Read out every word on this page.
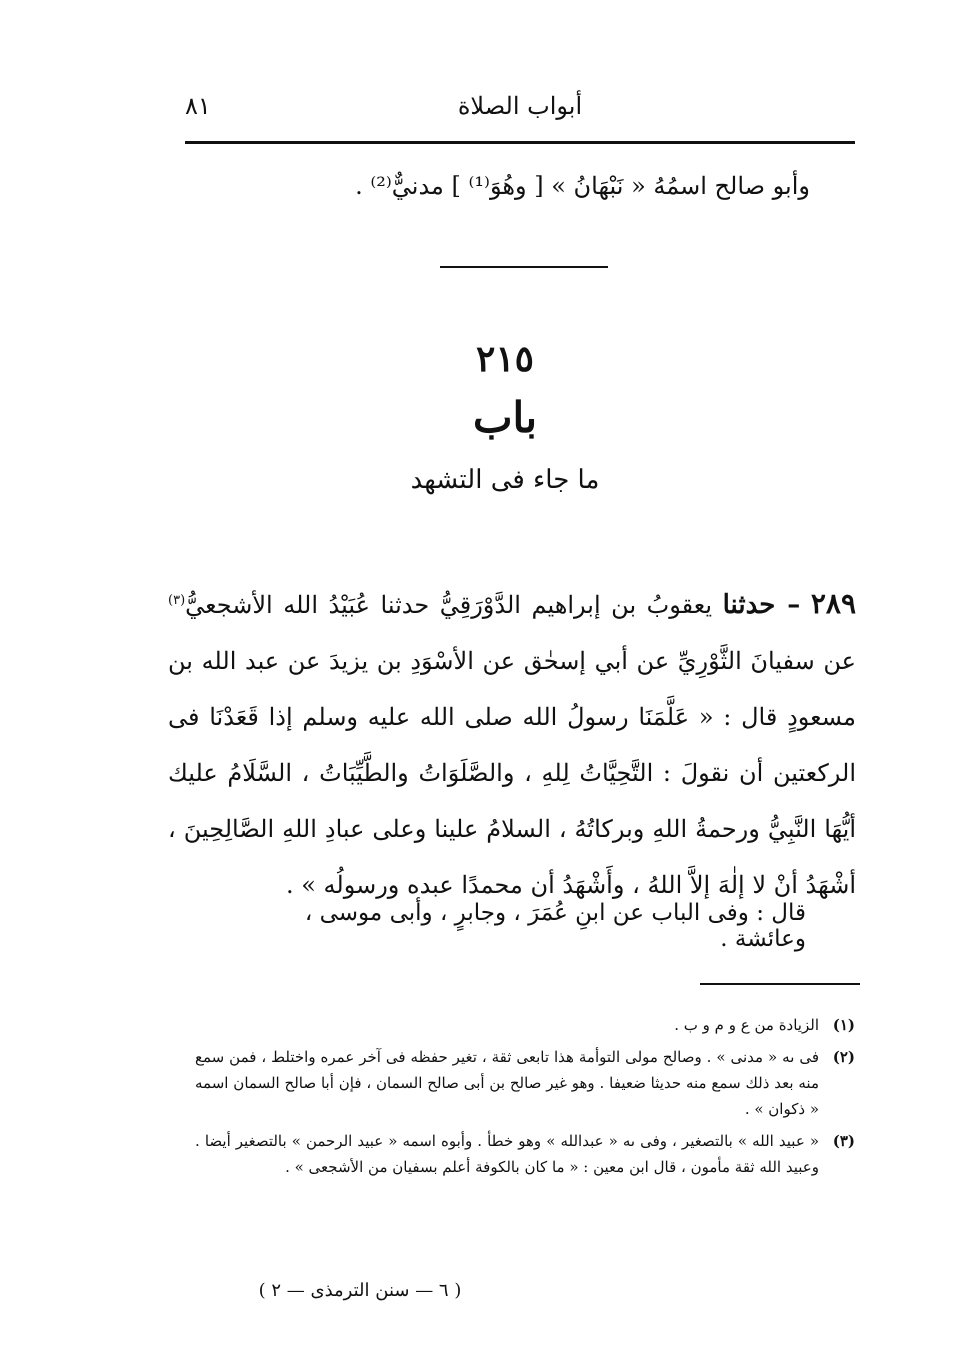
٨١	أبواب الصلاة
وأبو صالح اسمُهُ « نَبْهَانُ » [ وهُوَ⁽¹⁾ ] مدنيٌّ⁽²⁾ .
٢١٥
باب
ما جاء فى التشهد
٢٨٩ – حدثنا يعقوبُ بن إبراهيم الدَّوْرَقِيُّ حدثنا عُبَيْدُ الله الأشجعيُّ$^{(٣)}$ عن سفيانَ الثَّوْرِيِّ عن أبي إسحٰق عن الأسْوَدِ بن يزيدَ عن عبد الله بن مسعودٍ قال : « عَلَّمَنَا رسولُ الله صلى الله عليه وسلم إذا قَعَدْنَا فى الركعتين أن نقولَ : التَّحِيَّاتُ لِلهِ ، والصَّلَوَاتُ والطَّيِّبَاتُ ، السَّلَامُ عليك أيُّهَا النَّبِيُّ ورحمةُ اللهِ وبركاتُهُ ، السلامُ علينا وعلى عبادِ اللهِ الصَّالِحِينَ ، أشْهَدُ أنْ لا إلٰهَ إلاَّ اللهُ ، وأَشْهَدُ أن محمدًا عبده ورسولُه » .
قال : وفى الباب عن ابنِ عُمَرَ ، وجابرٍ ، وأبى موسى ، وعائشة .
(١)
الزيادة من ع و م و ب .
(٢)
فى ٮه « مدنى » . وصالح مولى التوأمة هذا تابعى ثقة ، تغير حفظه فى آخر عمره واختلط ، فمن سمع منه بعد ذلك سمع منه حديثا ضعيفا . وهو غير صالح بن أبى صالح السمان ، فإن أبا صالح السمان اسمه « ذكوان » .
(٣)
« عبيد الله » بالتصغير ، وفى ٮه « عبدالله » وهو خطأ . وأبوه اسمه « عبيد الرحمن » بالتصغير أيضا . وعبيد الله ثقة مأمون ، قال ابن معين : « ما كان بالكوفة أعلم بسفيان من الأشجعى » .
( ٦ — سنن الترمذى — ٢ )
